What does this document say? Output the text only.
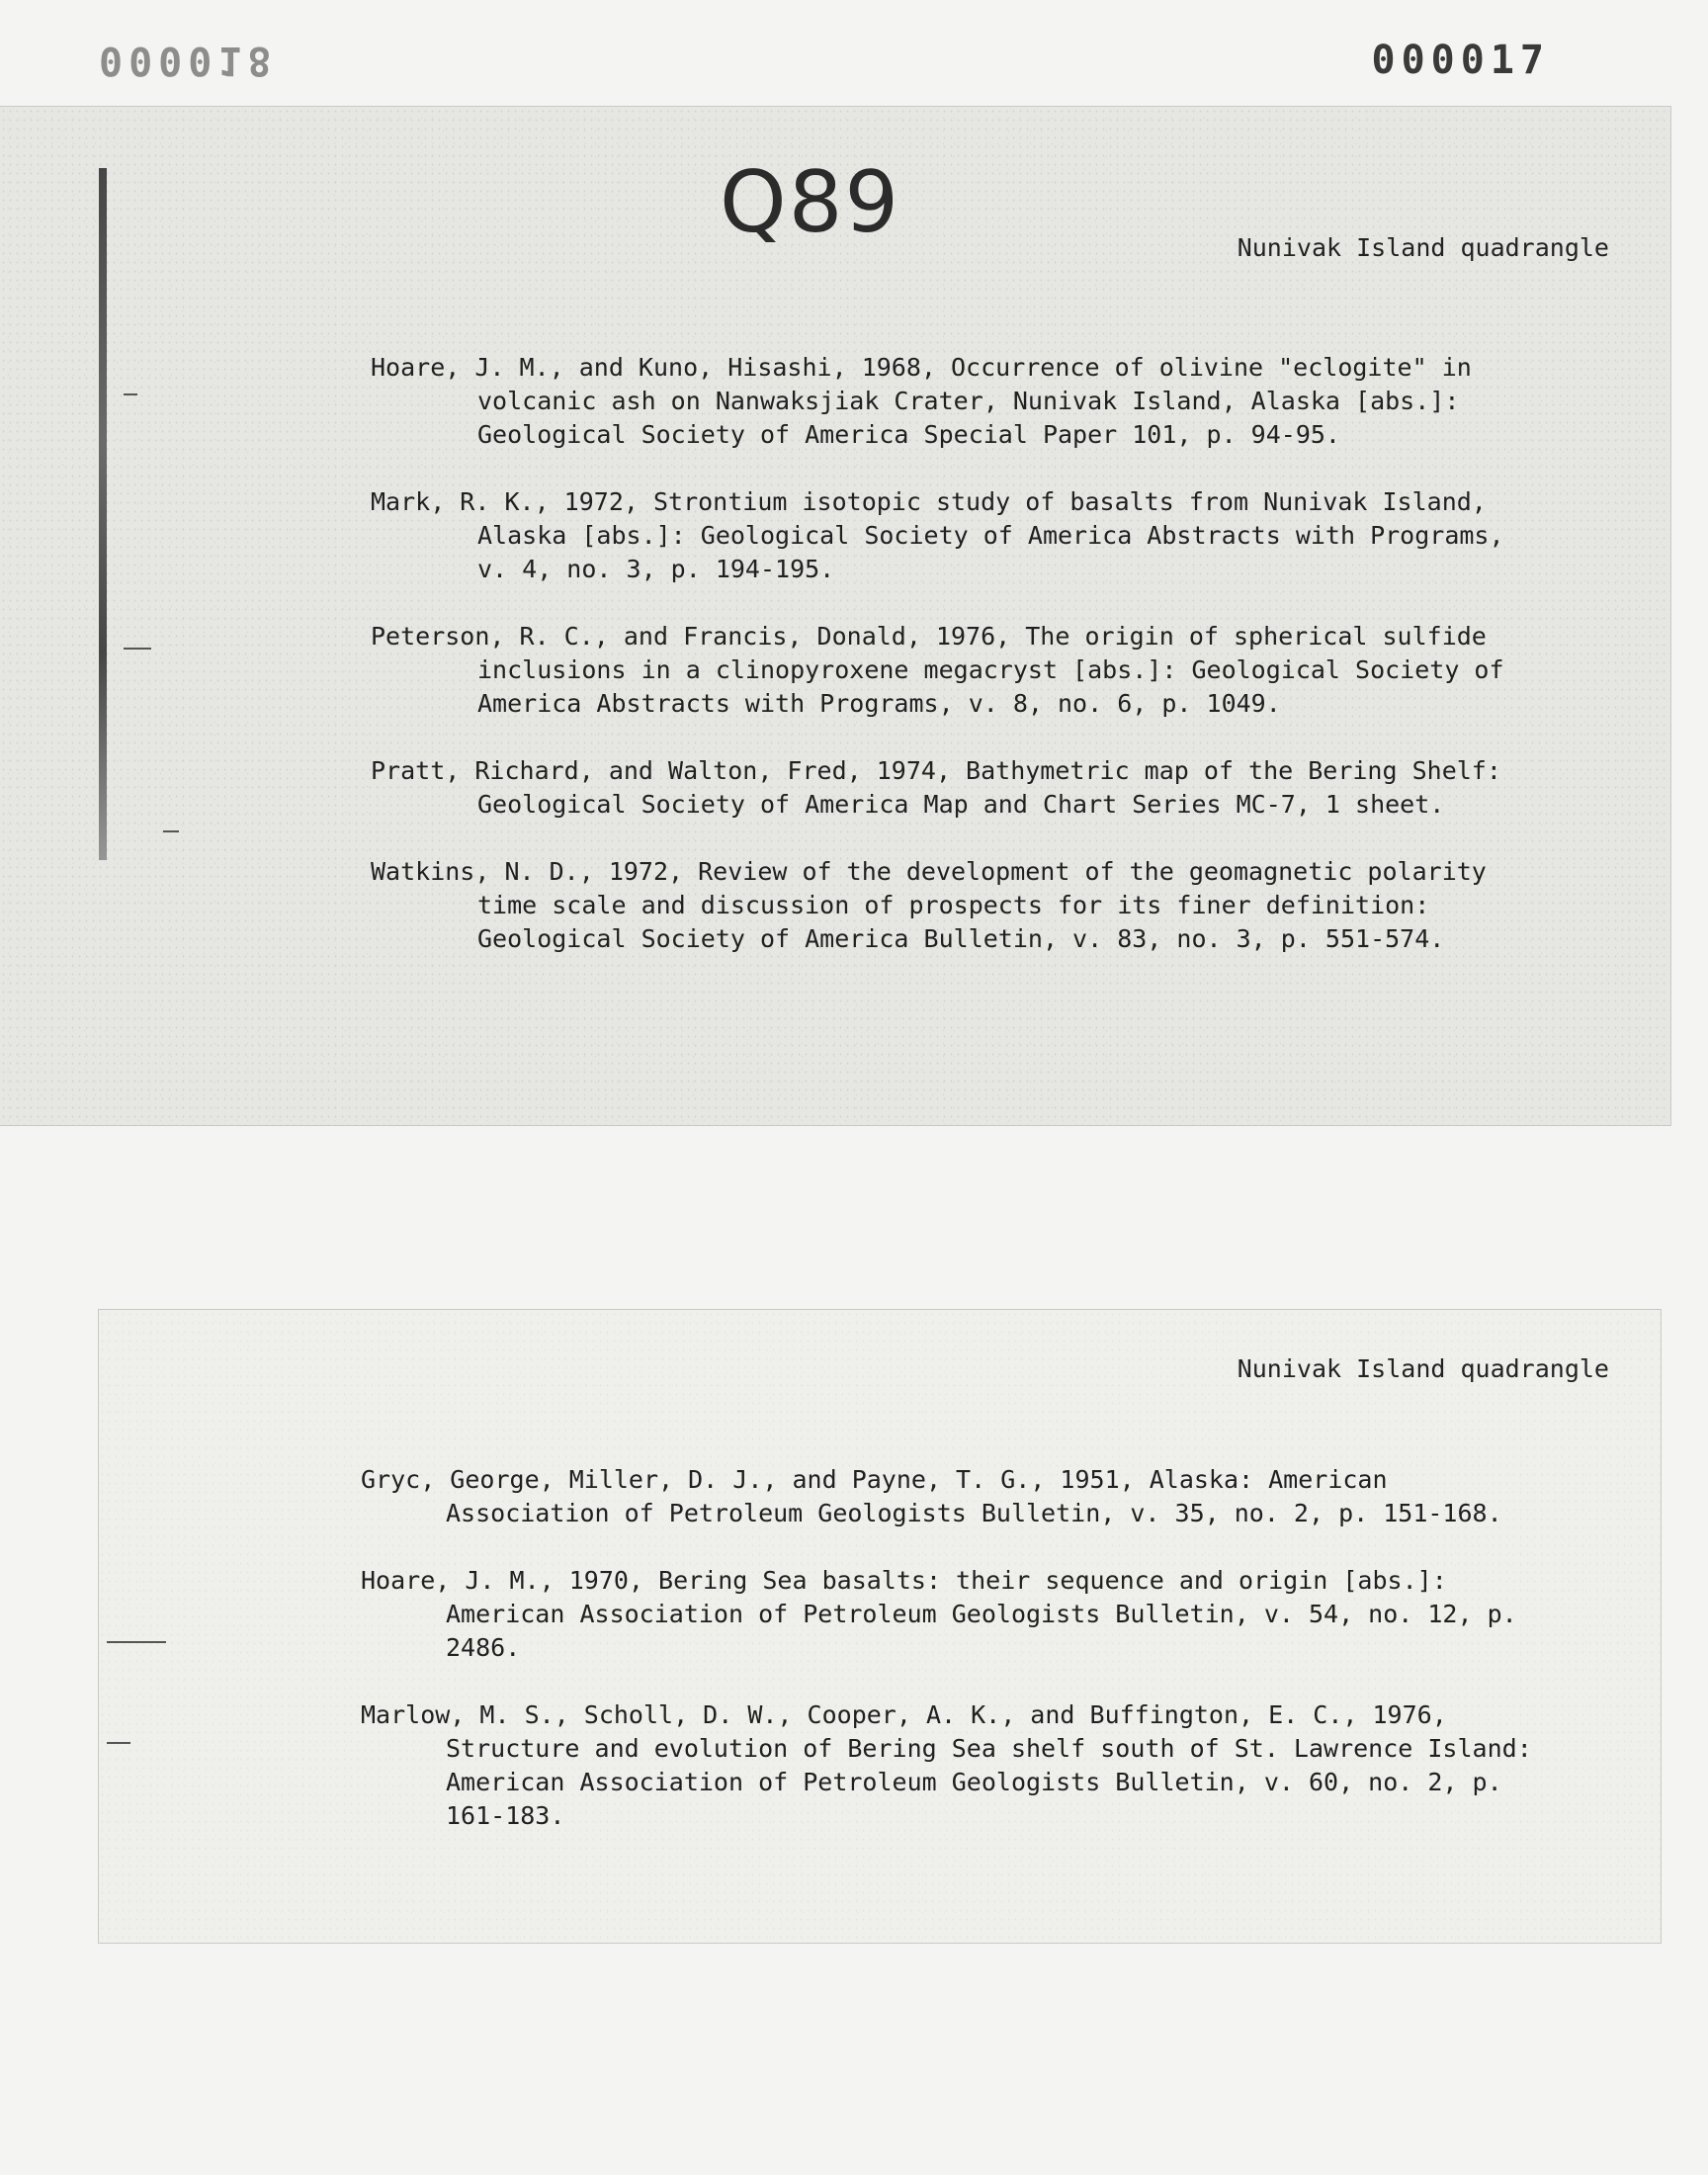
000018	000017
Q89	Nunivak Island quadrangle
Hoare, J. M., and Kuno, Hisashi, 1968, Occurrence of olivine "eclogite" in volcanic ash on Nanwaksjiak Crater, Nunivak Island, Alaska [abs.]: Geological Society of America Special Paper 101, p. 94-95.
Mark, R. K., 1972, Strontium isotopic study of basalts from Nunivak Island, Alaska [abs.]: Geological Society of America Abstracts with Programs, v. 4, no. 3, p. 194-195.
Peterson, R. C., and Francis, Donald, 1976, The origin of spherical sulfide inclusions in a clinopyroxene megacryst [abs.]: Geological Society of America Abstracts with Programs, v. 8, no. 6, p. 1049.
Pratt, Richard, and Walton, Fred, 1974, Bathymetric map of the Bering Shelf: Geological Society of America Map and Chart Series MC-7, 1 sheet.
Watkins, N. D., 1972, Review of the development of the geomagnetic polarity time scale and discussion of prospects for its finer definition: Geological Society of America Bulletin, v. 83, no. 3, p. 551-574.
Nunivak Island quadrangle
Gryc, George, Miller, D. J., and Payne, T. G., 1951, Alaska: American Association of Petroleum Geologists Bulletin, v. 35, no. 2, p. 151-168.
Hoare, J. M., 1970, Bering Sea basalts: their sequence and origin [abs.]: American Association of Petroleum Geologists Bulletin, v. 54, no. 12, p. 2486.
Marlow, M. S., Scholl, D. W., Cooper, A. K., and Buffington, E. C., 1976, Structure and evolution of Bering Sea shelf south of St. Lawrence Island: American Association of Petroleum Geologists Bulletin, v. 60, no. 2, p. 161-183.
